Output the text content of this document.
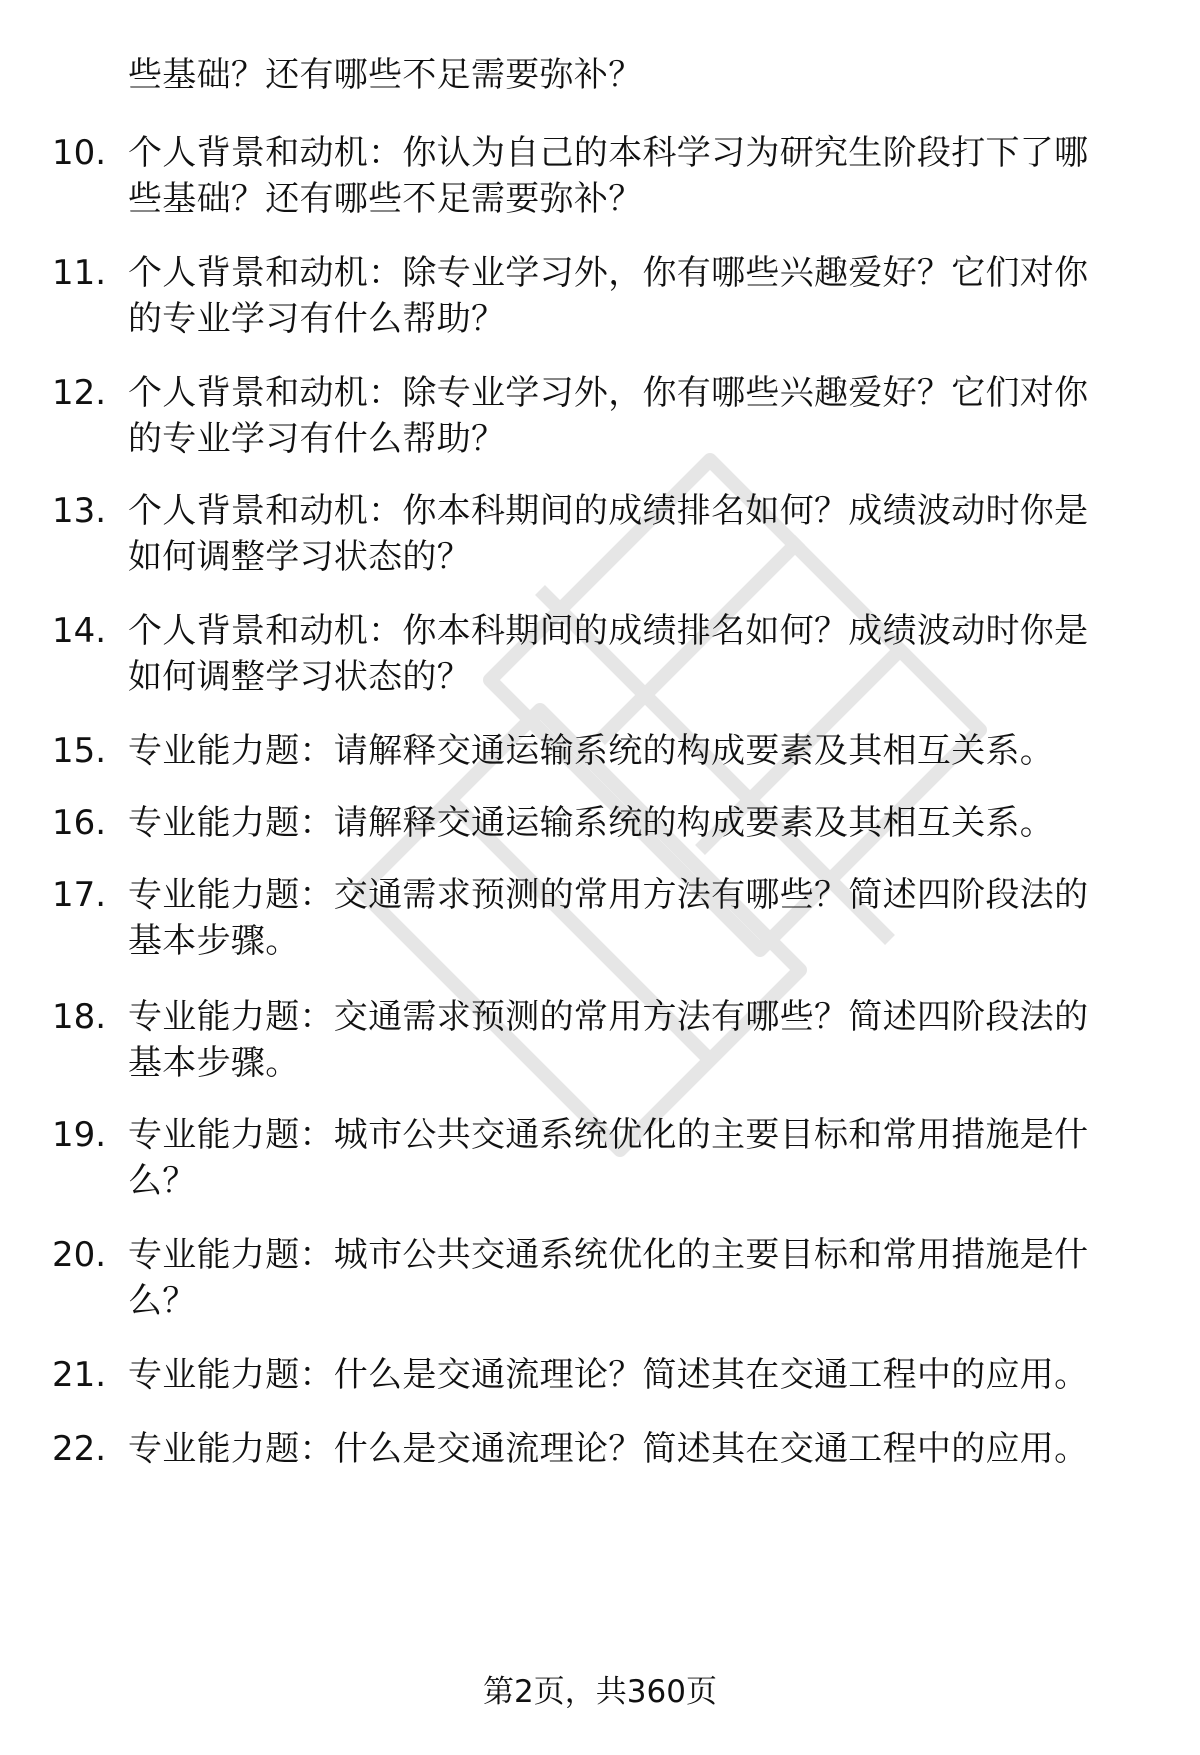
些基础？还有哪些不足需要弥补？
10. 个人背景和动机：你认为自己的本科学习为研究生阶段打下了哪
些基础？还有哪些不足需要弥补？
11. 个人背景和动机：除专业学习外，你有哪些兴趣爱好？它们对你
的专业学习有什么帮助？
12. 个人背景和动机：除专业学习外，你有哪些兴趣爱好？它们对你
的专业学习有什么帮助？
13. 个人背景和动机：你本科期间的成绩排名如何？成绩波动时你是
如何调整学习状态的？
14. 个人背景和动机：你本科期间的成绩排名如何？成绩波动时你是
如何调整学习状态的？
15. 专业能力题：请解释交通运输系统的构成要素及其相互关系。
16. 专业能力题：请解释交通运输系统的构成要素及其相互关系。
17. 专业能力题：交通需求预测的常用方法有哪些？简述四阶段法的
基本步骤。
18. 专业能力题：交通需求预测的常用方法有哪些？简述四阶段法的
基本步骤。
19. 专业能力题：城市公共交通系统优化的主要目标和常用措施是什
么？
20. 专业能力题：城市公共交通系统优化的主要目标和常用措施是什
么？
21. 专业能力题：什么是交通流理论？简述其在交通工程中的应用。
22. 专业能力题：什么是交通流理论？简述其在交通工程中的应用。
第2页，共360页
